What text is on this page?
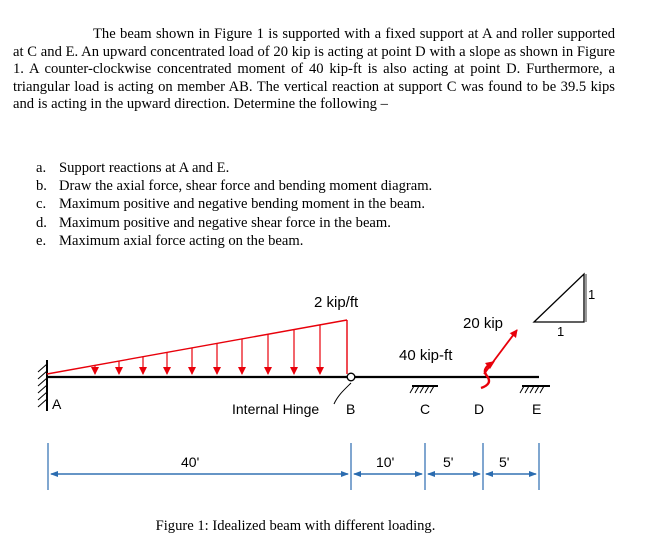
The beam shown in Figure 1 is supported with a fixed support at A and roller supported at C and E. An upward concentrated load of 20 kip is acting at point D with a slope as shown in Figure 1. A counter-clockwise concentrated moment of 40 kip-ft is also acting at point D. Furthermore, a triangular load is acting on member AB. The vertical reaction at support C was found to be 39.5 kips and is acting in the upward direction. Determine the following –

a. Support reactions at A and E.
b. Draw the axial force, shear force and bending moment diagram.
c. Maximum positive and negative bending moment in the beam.
d. Maximum positive and negative shear force in the beam.
e. Maximum axial force acting on the beam.
2 kip/ft
Internal Hinge B
A	C
40 kip-ft
D
20 kip
E
1
1
40'	10'	5'	5'

Figure 1: Idealized beam with different loading.
